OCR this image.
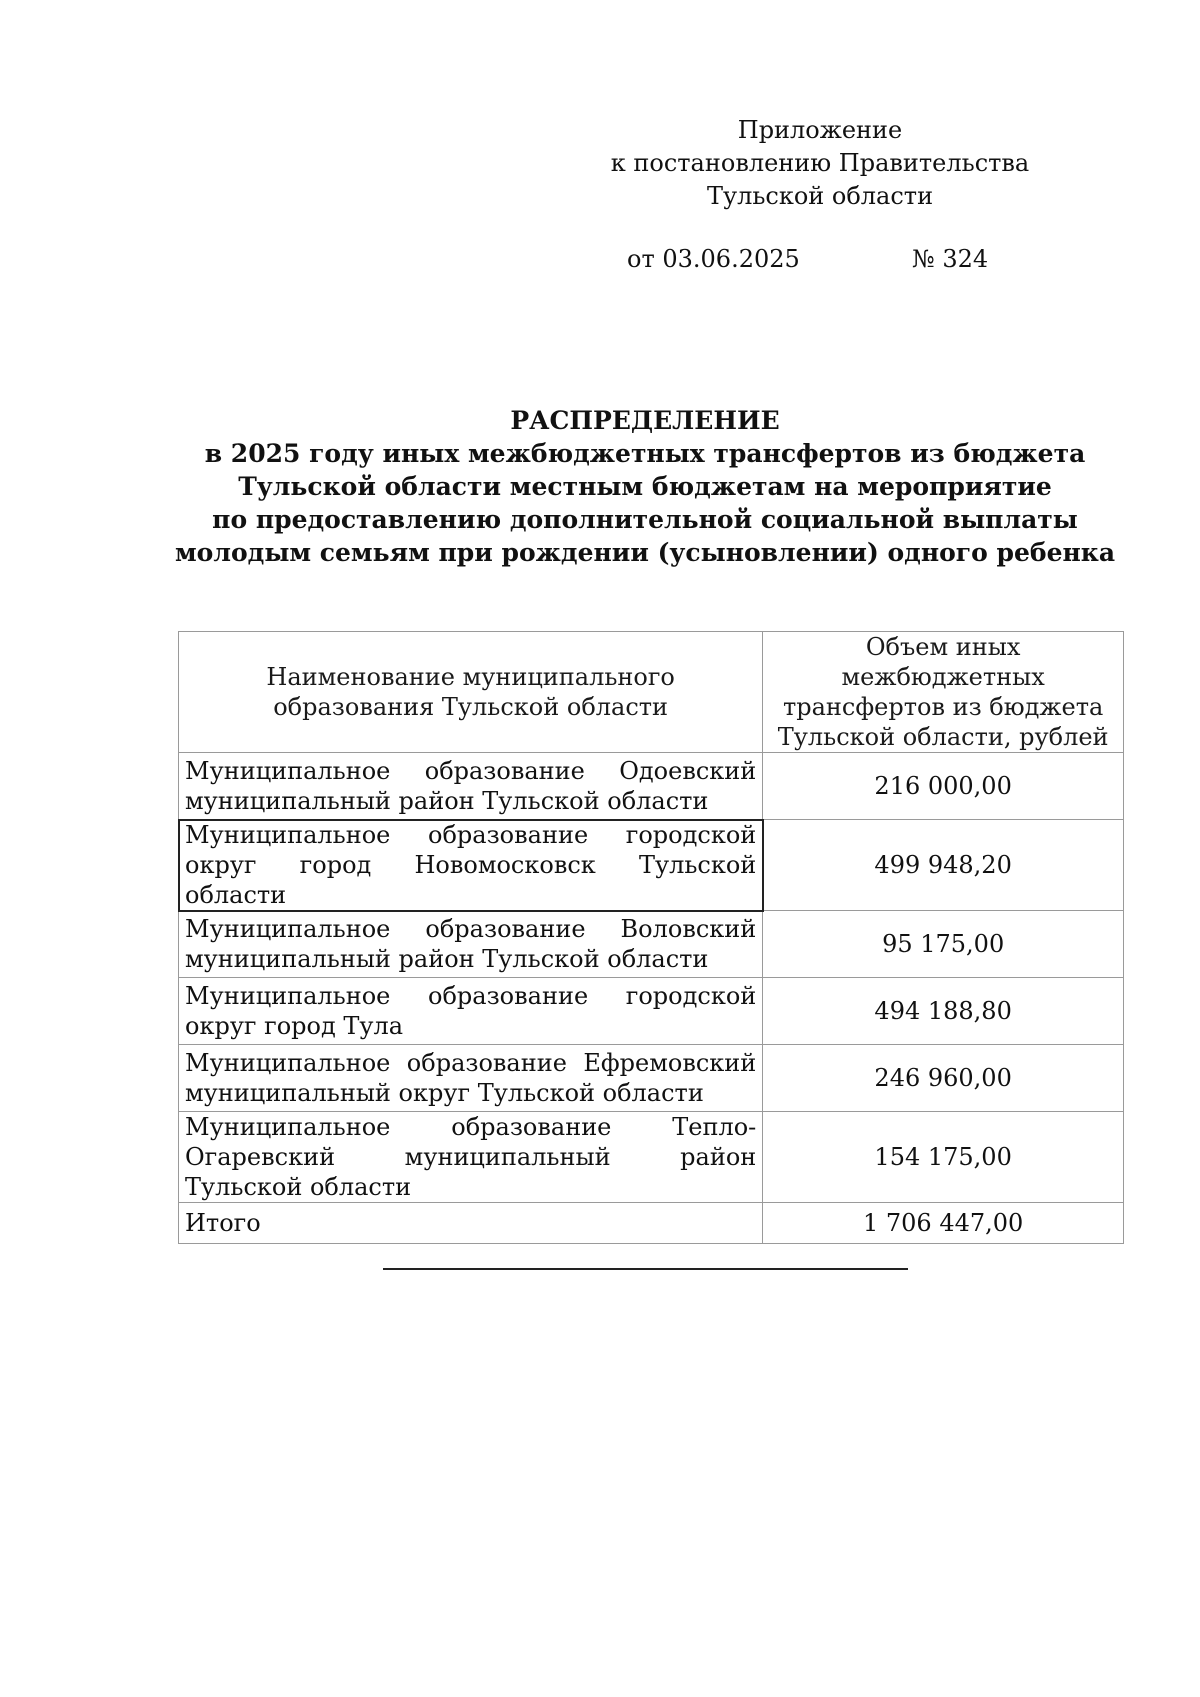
Приложение
к постановлению Правительства
Тульской области
от 03.06.2025	№ 324
РАСПРЕДЕЛЕНИЕ
в 2025 году иных межбюджетных трансфертов из бюджета
Тульской области местным бюджетам на мероприятие
по предоставлению дополнительной социальной выплаты
молодым семьям при рождении (усыновлении) одного ребенка
Наименование муниципального образования Тульской области	Объем иных межбюджетных трансфертов из бюджета Тульской области, рублей
Муниципальное образование Одоевский муниципальный район Тульской области	216 000,00
Муниципальное образование городской округ город Новомосковск Тульской области	499 948,20
Муниципальное образование Воловский муниципальный район Тульской области	95 175,00
Муниципальное образование городской округ город Тула	494 188,80
Муниципальное образование Ефремовский муниципальный округ Тульской области	246 960,00
Муниципальное образование Тепло-Огаревский муниципальный район Тульской области	154 175,00
Итого	1 706 447,00
